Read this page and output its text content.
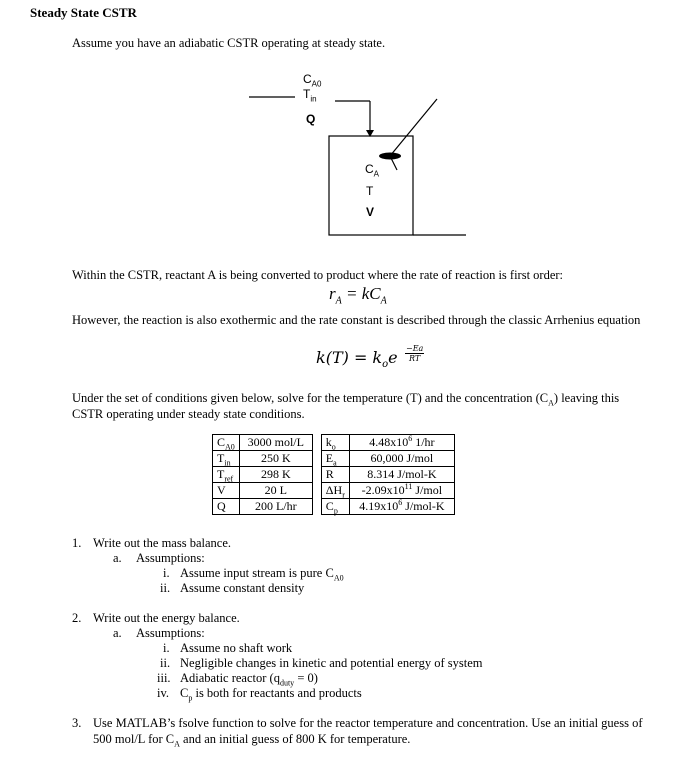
Steady State CSTR
Assume you have an adiabatic CSTR operating at steady state.
$C_{A0}$
$T_{in}$
Q
$C_A$
T
V
Within the CSTR, reactant A is being converted to product where the rate of reaction is first order:
$r_A = kC_A$
However, the reaction is also exothermic and the rate constant is described through the classic Arrhenius equation
$k(T) = k_oe -Ea$
RT
Under the set of conditions given below, solve for the temperature (T) and the concentration $(C_A)$ leaving this
CSTR operating under steady state conditions.
$C_{A0}$	3000 mol/L		$k_o$	$4.48x10^6$ 1/hr
$T_{in}$	250 K		$E_a$	60,000 J/mol
$T_{ref}$	298 K		R	8.314 J/mol-K
V	20 L		$\Delta H_r$	$-2.09x10^{11}$ J/mol
Q	200 L/hr		$C_p$	$4.19x10^6$ J/mol-K
1. Write out the mass balance.
a. Assumptions:
i. Assume input stream is pure $C_{A0}$
ii. Assume constant density
2. Write out the energy balance.
a. Assumptions:
i. Assume no shaft work
ii. Negligible changes in kinetic and potential energy of system
iii. Adiabatic reactor $(q_{duty} = 0)$
iv. $C_p$ is both for reactants and products
3. Use MATLAB’s fsolve function to solve for the reactor temperature and concentration. Use an initial guess of
500 mol/L for $C_A$ and an initial guess of 800 K for temperature.
